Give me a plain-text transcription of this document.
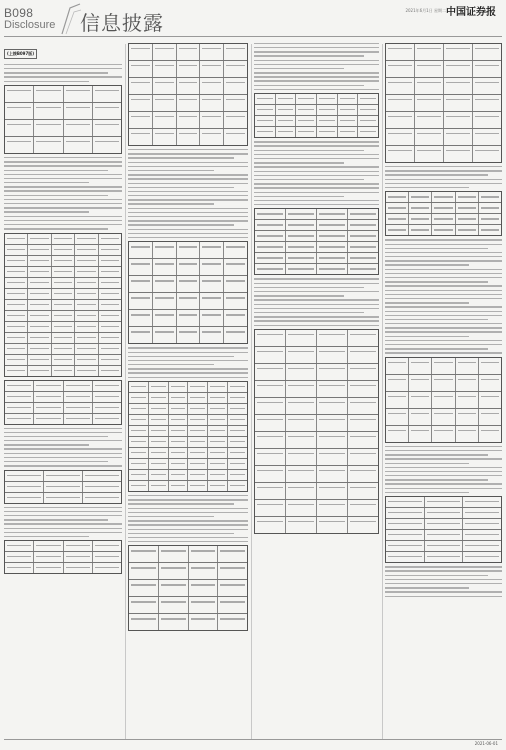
B098
Disclosure 信息披露
2021年6月1日 星期二 中国证券报
(上接B097版)
2021-06-01
